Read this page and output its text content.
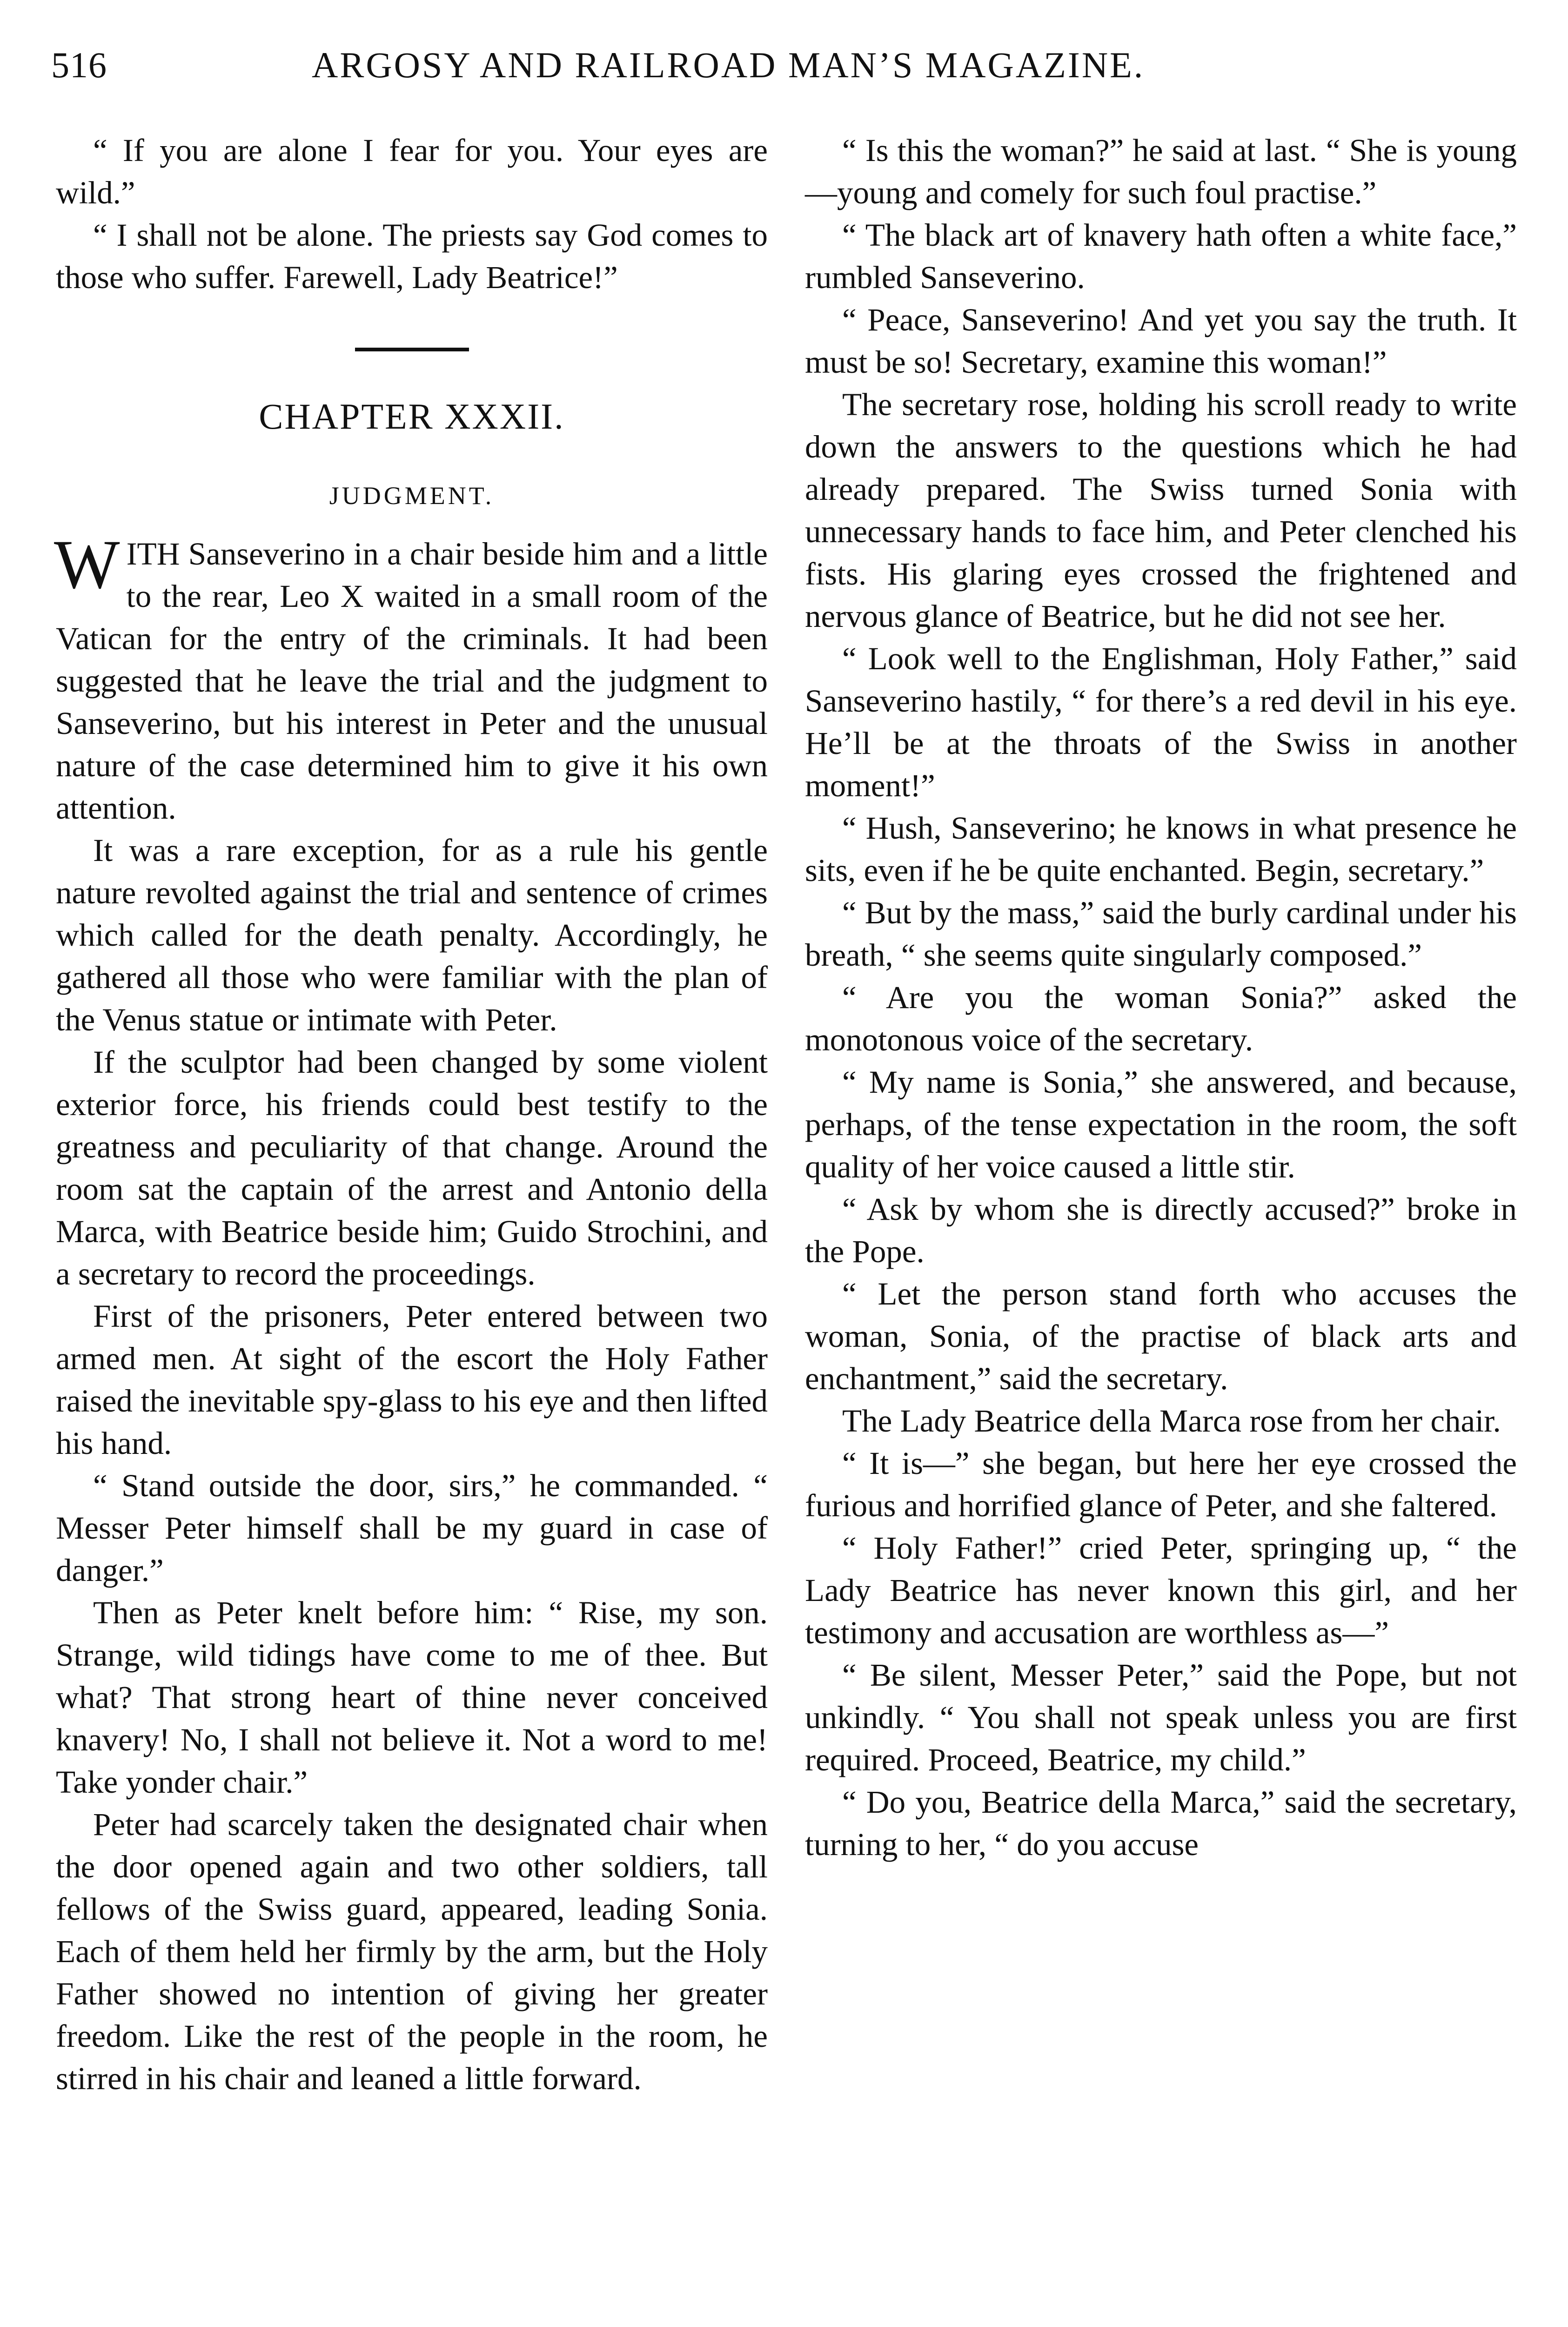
516	ARGOSY AND RAILROAD MAN’S MAGAZINE.

“ If you are alone I fear for you. Your eyes are wild.”

“ I shall not be alone. The priests say God comes to those who suffer. Farewell, Lady Beatrice!”

CHAPTER XXXII.
JUDGMENT.

WITH Sanseverino in a chair beside him and a little to the rear, Leo X waited in a small room of the Vatican for the entry of the criminals. It had been suggested that he leave the trial and the judgment to Sanseverino, but his interest in Peter and the unusual nature of the case determined him to give it his own attention.

It was a rare exception, for as a rule his gentle nature revolted against the trial and sentence of crimes which called for the death penalty. Accordingly, he gathered all those who were familiar with the plan of the Venus statue or intimate with Peter.

If the sculptor had been changed by some violent exterior force, his friends could best testify to the greatness and peculiarity of that change. Around the room sat the captain of the arrest and Antonio della Marca, with Beatrice beside him; Guido Strochini, and a secretary to record the proceedings.

First of the prisoners, Peter entered between two armed men. At sight of the escort the Holy Father raised the inevitable spy-glass to his eye and then lifted his hand.

“ Stand outside the door, sirs,” he commanded. “ Messer Peter himself shall be my guard in case of danger.”

Then as Peter knelt before him: “ Rise, my son. Strange, wild tidings have come to me of thee. But what? That strong heart of thine never conceived knavery! No, I shall not believe it. Not a word to me! Take yonder chair.”

Peter had scarcely taken the designated chair when the door opened again and two other soldiers, tall fellows of the Swiss guard, appeared, leading Sonia. Each of them held her firmly by the arm, but the Holy Father showed no intention of giving her greater freedom. Like the rest of the people in the room, he stirred in his chair and leaned a little forward.

“ Is this the woman?” he said at last. “ She is young—young and comely for such foul practise.”

“ The black art of knavery hath often a white face,” rumbled Sanseverino.

“ Peace, Sanseverino! And yet you say the truth. It must be so! Secretary, examine this woman!”

The secretary rose, holding his scroll ready to write down the answers to the questions which he had already prepared. The Swiss turned Sonia with unnecessary hands to face him, and Peter clenched his fists. His glaring eyes crossed the frightened and nervous glance of Beatrice, but he did not see her.

“ Look well to the Englishman, Holy Father,” said Sanseverino hastily, “ for there’s a red devil in his eye. He’ll be at the throats of the Swiss in another moment!”

“ Hush, Sanseverino; he knows in what presence he sits, even if he be quite enchanted. Begin, secretary.”

“ But by the mass,” said the burly cardinal under his breath, “ she seems quite singularly composed.”

“ Are you the woman Sonia?” asked the monotonous voice of the secretary.

“ My name is Sonia,” she answered, and because, perhaps, of the tense expectation in the room, the soft quality of her voice caused a little stir.

“ Ask by whom she is directly accused?” broke in the Pope.

“ Let the person stand forth who accuses the woman, Sonia, of the practise of black arts and enchantment,” said the secretary.

The Lady Beatrice della Marca rose from her chair.

“ It is—” she began, but here her eye crossed the furious and horrified glance of Peter, and she faltered.

“ Holy Father!” cried Peter, springing up, “ the Lady Beatrice has never known this girl, and her testimony and accusation are worthless as—”

“ Be silent, Messer Peter,” said the Pope, but not unkindly. “ You shall not speak unless you are first required. Proceed, Beatrice, my child.”

“ Do you, Beatrice della Marca,” said the secretary, turning to her, “ do you accuse
